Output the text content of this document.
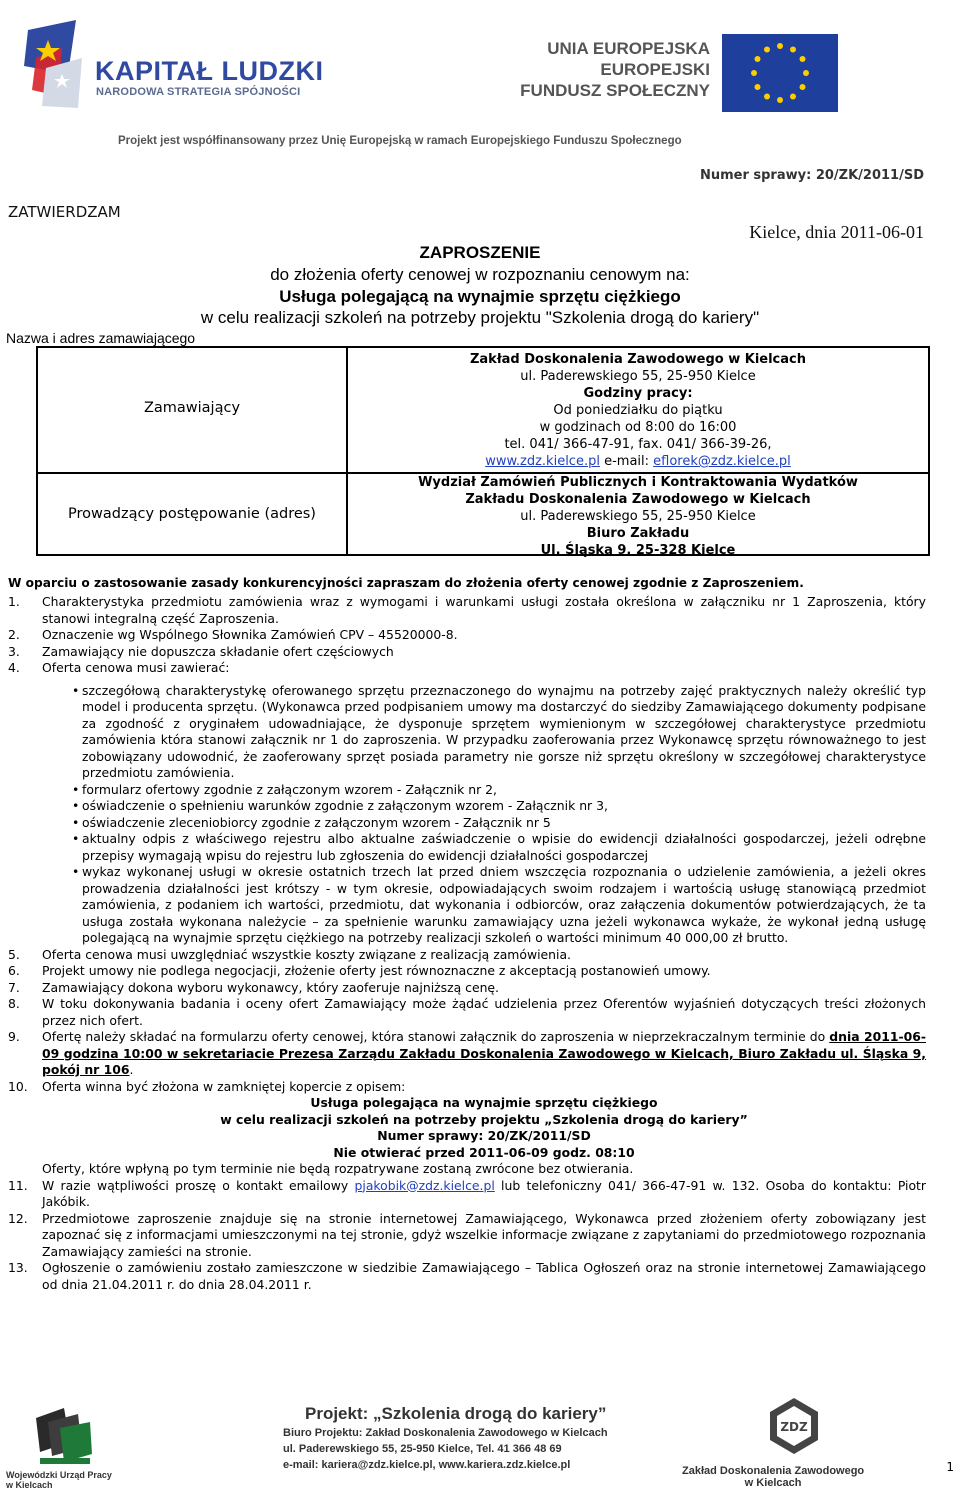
KAPITAŁ LUDZKI
NARODOWA STRATEGIA SPÓJNOŚCI
UNIA EUROPEJSKA
EUROPEJSKI
FUNDUSZ SPOŁECZNY
Projekt jest współfinansowany przez Unię Europejską w ramach Europejskiego Funduszu Społecznego
Numer sprawy: 20/ZK/2011/SD
ZATWIERDZAM
Kielce, dnia 2011-06-01
ZAPROSZENIE
do złożenia oferty cenowej w rozpoznaniu cenowym na:
Usługa polegającą na wynajmie sprzętu ciężkiego
w celu realizacji szkoleń na potrzeby projektu "Szkolenia drogą do kariery"
Nazwa i adres zamawiającego
Zamawiający
Prowadzący postępowanie (adres)
Zakład Doskonalenia Zawodowego w Kielcach
ul. Paderewskiego 55, 25-950 Kielce
Godziny pracy:
Od poniedziałku do piątku
w godzinach od 8:00 do 16:00
tel. 041/ 366-47-91, fax. 041/ 366-39-26,
www.zdz.kielce.pl e-mail: eflorek@zdz.kielce.pl
Wydział Zamówień Publicznych i Kontraktowania Wydatków
Zakładu Doskonalenia Zawodowego w Kielcach
ul. Paderewskiego 55, 25-950 Kielce
Biuro Zakładu
Ul. Śląska 9, 25-328 Kielce
W oparciu o zastosowanie zasady konkurencyjności zapraszam do złożenia oferty cenowej zgodnie z Zaproszeniem.
1. Charakterystyka przedmiotu zamówienia wraz z wymogami i warunkami usługi została określona w załączniku nr 1 Zaproszenia, który stanowi integralną część Zaproszenia.
2. Oznaczenie wg Wspólnego Słownika Zamówień CPV – 45520000-8.
3. Zamawiający nie dopuszcza składanie ofert częściowych
4. Oferta cenowa musi zawierać:
• szczegółową charakterystykę oferowanego sprzętu przeznaczonego do wynajmu na potrzeby zajęć praktycznych należy określić typ model i producenta sprzętu. (Wykonawca przed podpisaniem umowy ma dostarczyć do siedziby Zamawiającego dokumenty podpisane za zgodność z oryginałem udowadniające, że dysponuje sprzętem wymienionym w szczegółowej charakterystyce przedmiotu zamówienia która stanowi załącznik nr 1 do zaproszenia. W przypadku zaoferowania przez Wykonawcę sprzętu równoważnego to jest zobowiązany udowodnić, że zaoferowany sprzęt posiada parametry nie gorsze niż sprzętu określony w szczegółowej charakterystyce przedmiotu zamówienia.
• formularz ofertowy zgodnie z załączonym wzorem - Załącznik nr 2,
• oświadczenie o spełnieniu warunków zgodnie z załączonym wzorem - Załącznik nr 3,
• oświadczenie zleceniobiorcy zgodnie z załączonym wzorem - Załącznik nr 5
• aktualny odpis z właściwego rejestru albo aktualne zaświadczenie o wpisie do ewidencji działalności gospodarczej, jeżeli odrębne przepisy wymagają wpisu do rejestru lub zgłoszenia do ewidencji działalności gospodarczej
• wykaz wykonanej usługi w okresie ostatnich trzech lat przed dniem wszczęcia rozpoznania o udzielenie zamówienia, a jeżeli okres prowadzenia działalności jest krótszy - w tym okresie, odpowiadających swoim rodzajem i wartością usługę stanowiącą przedmiot zamówienia, z podaniem ich wartości, przedmiotu, dat wykonania i odbiorców, oraz załączenia dokumentów potwierdzających, że ta usługa została wykonana należycie – za spełnienie warunku zamawiający uzna jeżeli wykonawca wykaże, że wykonał jedną usługę polegającą na wynajmie sprzętu ciężkiego na potrzeby realizacji szkoleń o wartości minimum 40 000,00 zł brutto.
5. Oferta cenowa musi uwzględniać wszystkie koszty związane z realizacją zamówienia.
6. Projekt umowy nie podlega negocjacji, złożenie oferty jest równoznaczne z akceptacją postanowień umowy.
7. Zamawiający dokona wyboru wykonawcy, który zaoferuje najniższą cenę.
8. W toku dokonywania badania i oceny ofert Zamawiający może żądać udzielenia przez Oferentów wyjaśnień dotyczących treści złożonych przez nich ofert.
9. Ofertę należy składać na formularzu oferty cenowej, która stanowi załącznik do zaproszenia w nieprzekraczalnym terminie do dnia 2011-06-09 godzina 10:00 w sekretariacie Prezesa Zarządu Zakładu Doskonalenia Zawodowego w Kielcach, Biuro Zakładu ul. Śląska 9, pokój nr 106.
10. Oferta winna być złożona w zamkniętej kopercie z opisem:
Usługa polegająca na wynajmie sprzętu ciężkiego
w celu realizacji szkoleń na potrzeby projektu „Szkolenia drogą do kariery”
Numer sprawy: 20/ZK/2011/SD
Nie otwierać przed 2011-06-09 godz. 08:10
Oferty, które wpłyną po tym terminie nie będą rozpatrywane zostaną zwrócone bez otwierania.
11. W razie wątpliwości proszę o kontakt emailowy pjakobik@zdz.kielce.pl lub telefoniczny 041/ 366-47-91 w. 132. Osoba do kontaktu: Piotr Jakóbik.
12. Przedmiotowe zaproszenie znajduje się na stronie internetowej Zamawiającego, Wykonawca przed złożeniem oferty zobowiązany jest zapoznać się z informacjami umieszczonymi na tej stronie, gdyż wszelkie informacje związane z zapytaniami do przedmiotowego rozpoznania Zamawiający zamieści na stronie.
13. Ogłoszenie o zamówieniu zostało zamieszczone w siedzibie Zamawiającego – Tablica Ogłoszeń oraz na stronie internetowej Zamawiającego od dnia 21.04.2011 r. do dnia 28.04.2011 r.
Wojewódzki Urząd Pracy w Kielcach
Projekt: „Szkolenia drogą do kariery”
Biuro Projektu: Zakład Doskonalenia Zawodowego w Kielcach
ul. Paderewskiego 55, 25-950 Kielce, Tel. 41 366 48 69
e-mail: kariera@zdz.kielce.pl, www.kariera.zdz.kielce.pl
ZDZ
Zakład Doskonalenia Zawodowego
w Kielcach
1
